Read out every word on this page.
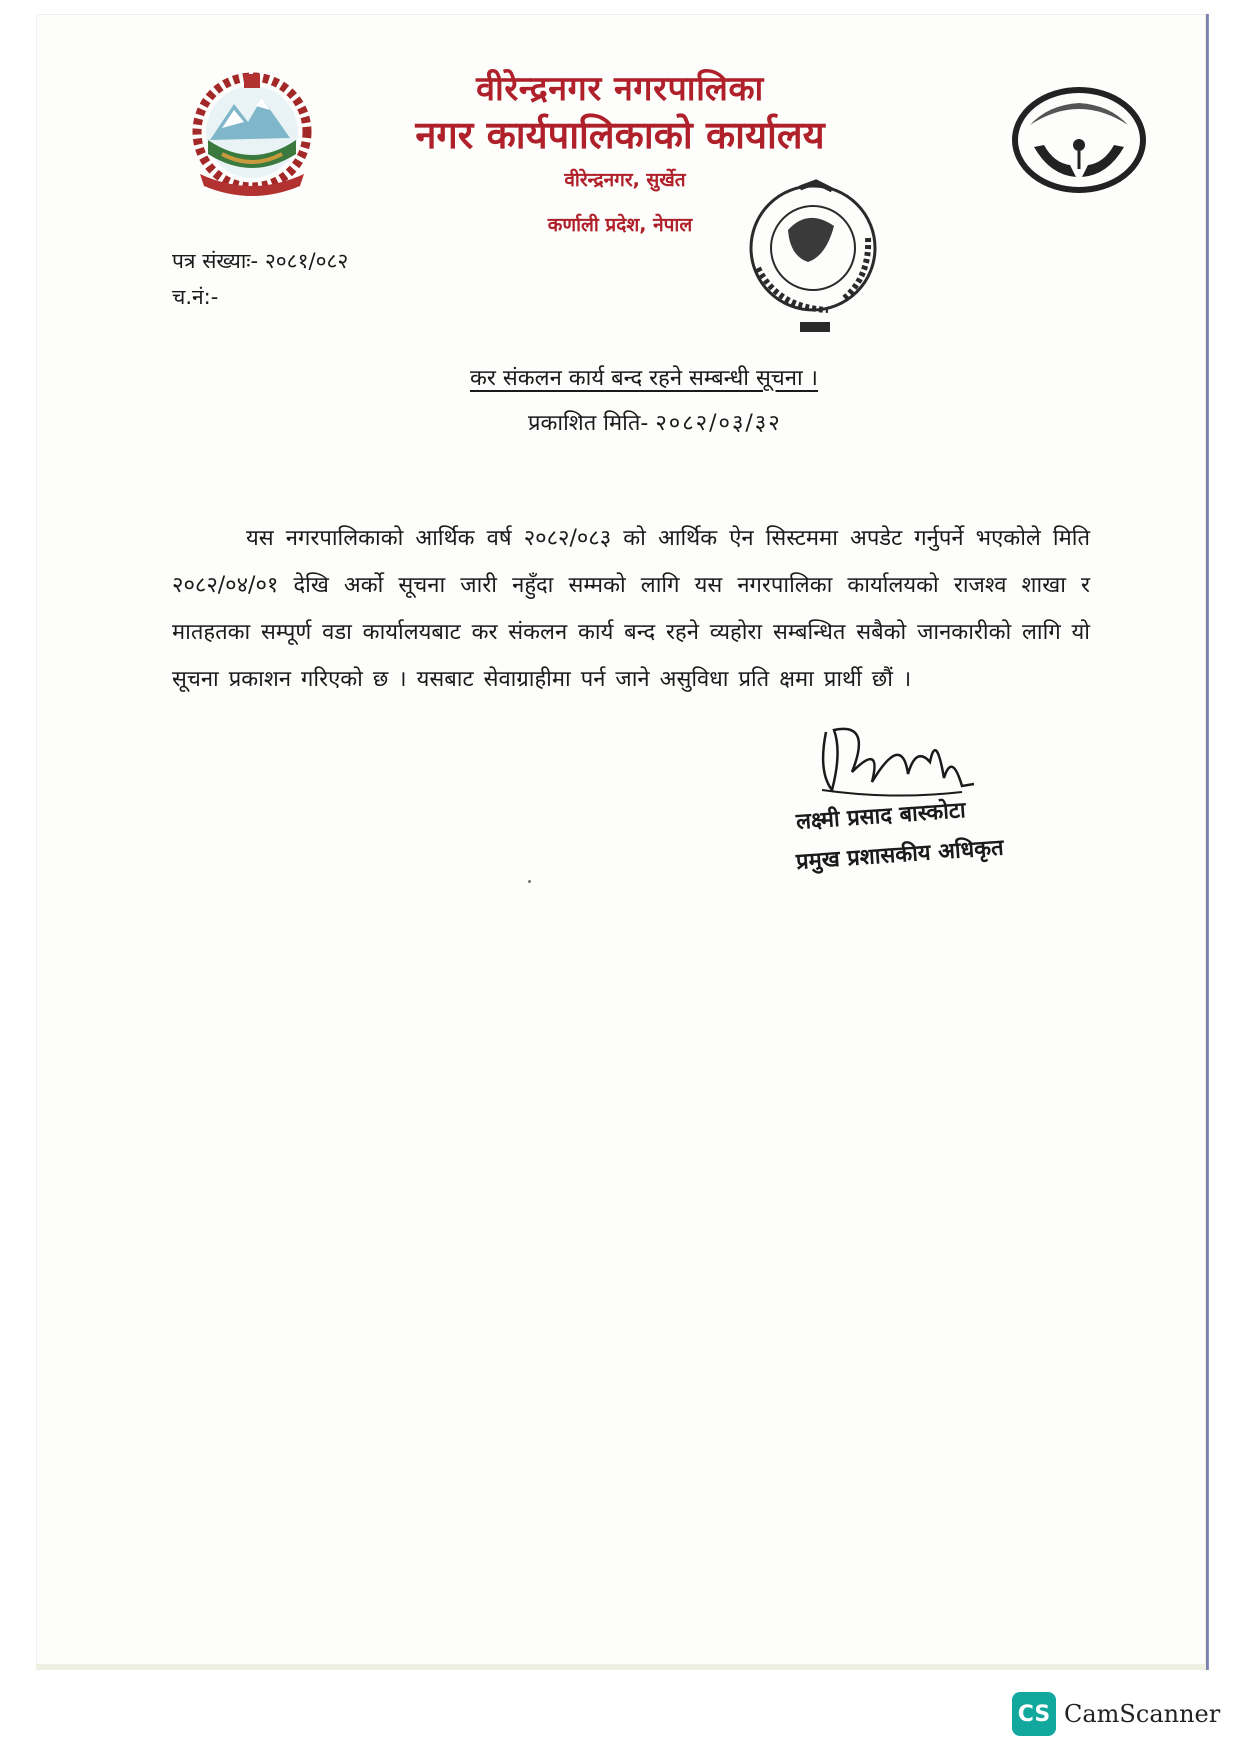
वीरेन्द्रनगर नगरपालिका
नगर कार्यपालिकाको कार्यालय
वीरेन्द्रनगर, सुर्खेत
कर्णाली प्रदेश, नेपाल
पत्र संख्याः- २०८१/०८२
च.नं:-
कर संकलन कार्य बन्द रहने सम्बन्धी सूचना ।
प्रकाशित मिति- २०८२/०३/३२
यस नगरपालिकाको आर्थिक वर्ष २०८२/०८३ को आर्थिक ऐन सिस्टममा अपडेट गर्नुपर्ने भएकोले मिति २०८२/०४/०१ देखि अर्को सूचना जारी नहुँदा सम्मको लागि यस नगरपालिका कार्यालयको राजश्व शाखा र मातहतका सम्पूर्ण वडा कार्यालयबाट कर संकलन कार्य बन्द रहने व्यहोरा सम्बन्धित सबैको जानकारीको लागि यो सूचना प्रकाशन गरिएको छ । यसबाट सेवाग्राहीमा पर्न जाने असुविधा प्रति क्षमा प्रार्थी छौं ।
लक्ष्मी प्रसाद बास्कोटा
प्रमुख प्रशासकीय अधिकृत
CS CamScanner
